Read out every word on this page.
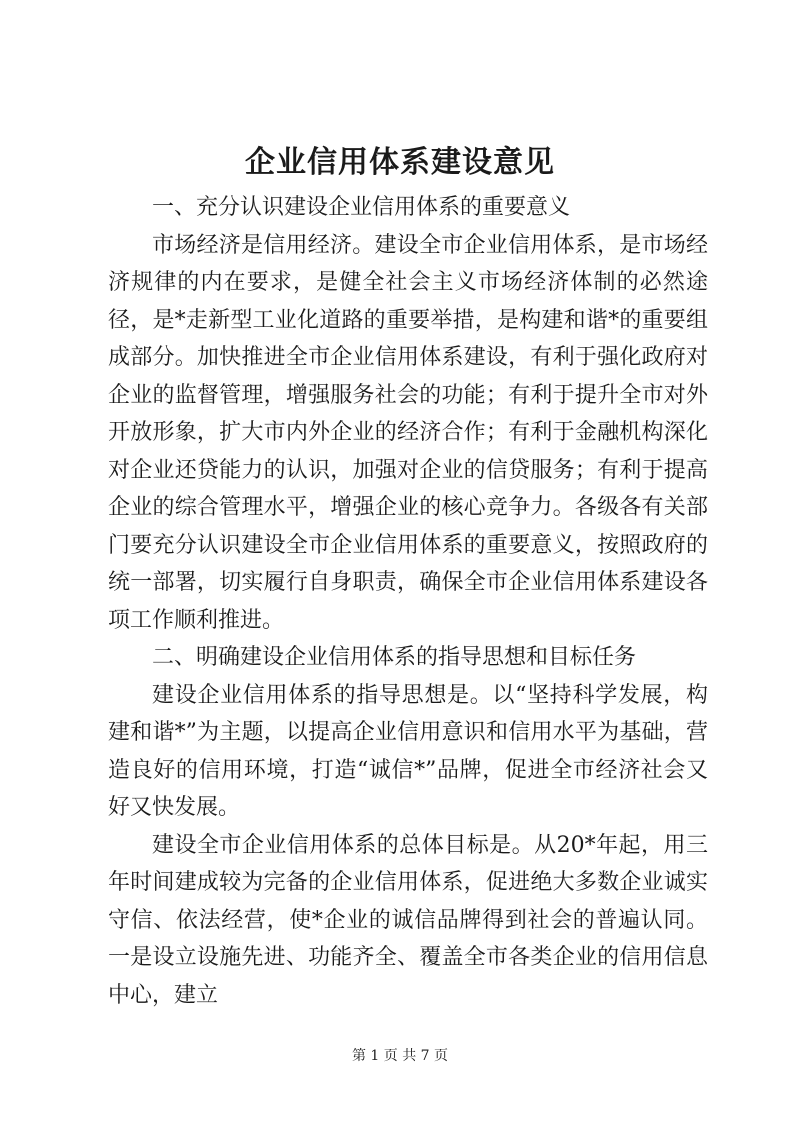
企业信用体系建设意见

一、充分认识建设企业信用体系的重要意义

市场经济是信用经济。建设全市企业信用体系，是市场经济规律的内在要求，是健全社会主义市场经济体制的必然途径，是*走新型工业化道路的重要举措，是构建和谐*的重要组成部分。加快推进全市企业信用体系建设，有利于强化政府对企业的监督管理，增强服务社会的功能；有利于提升全市对外开放形象，扩大市内外企业的经济合作；有利于金融机构深化对企业还贷能力的认识，加强对企业的信贷服务；有利于提高企业的综合管理水平，增强企业的核心竞争力。各级各有关部门要充分认识建设全市企业信用体系的重要意义，按照政府的统一部署，切实履行自身职责，确保全市企业信用体系建设各项工作顺利推进。

二、明确建设企业信用体系的指导思想和目标任务

建设企业信用体系的指导思想是。以“坚持科学发展，构建和谐*”为主题，以提高企业信用意识和信用水平为基础，营造良好的信用环境，打造“诚信*”品牌，促进全市经济社会又好又快发展。

建设全市企业信用体系的总体目标是。从20*年起，用三年时间建成较为完备的企业信用体系，促进绝大多数企业诚实守信、依法经营，使*企业的诚信品牌得到社会的普遍认同。一是设立设施先进、功能齐全、覆盖全市各类企业的信用信息中心，建立

第 1 页 共 7 页
